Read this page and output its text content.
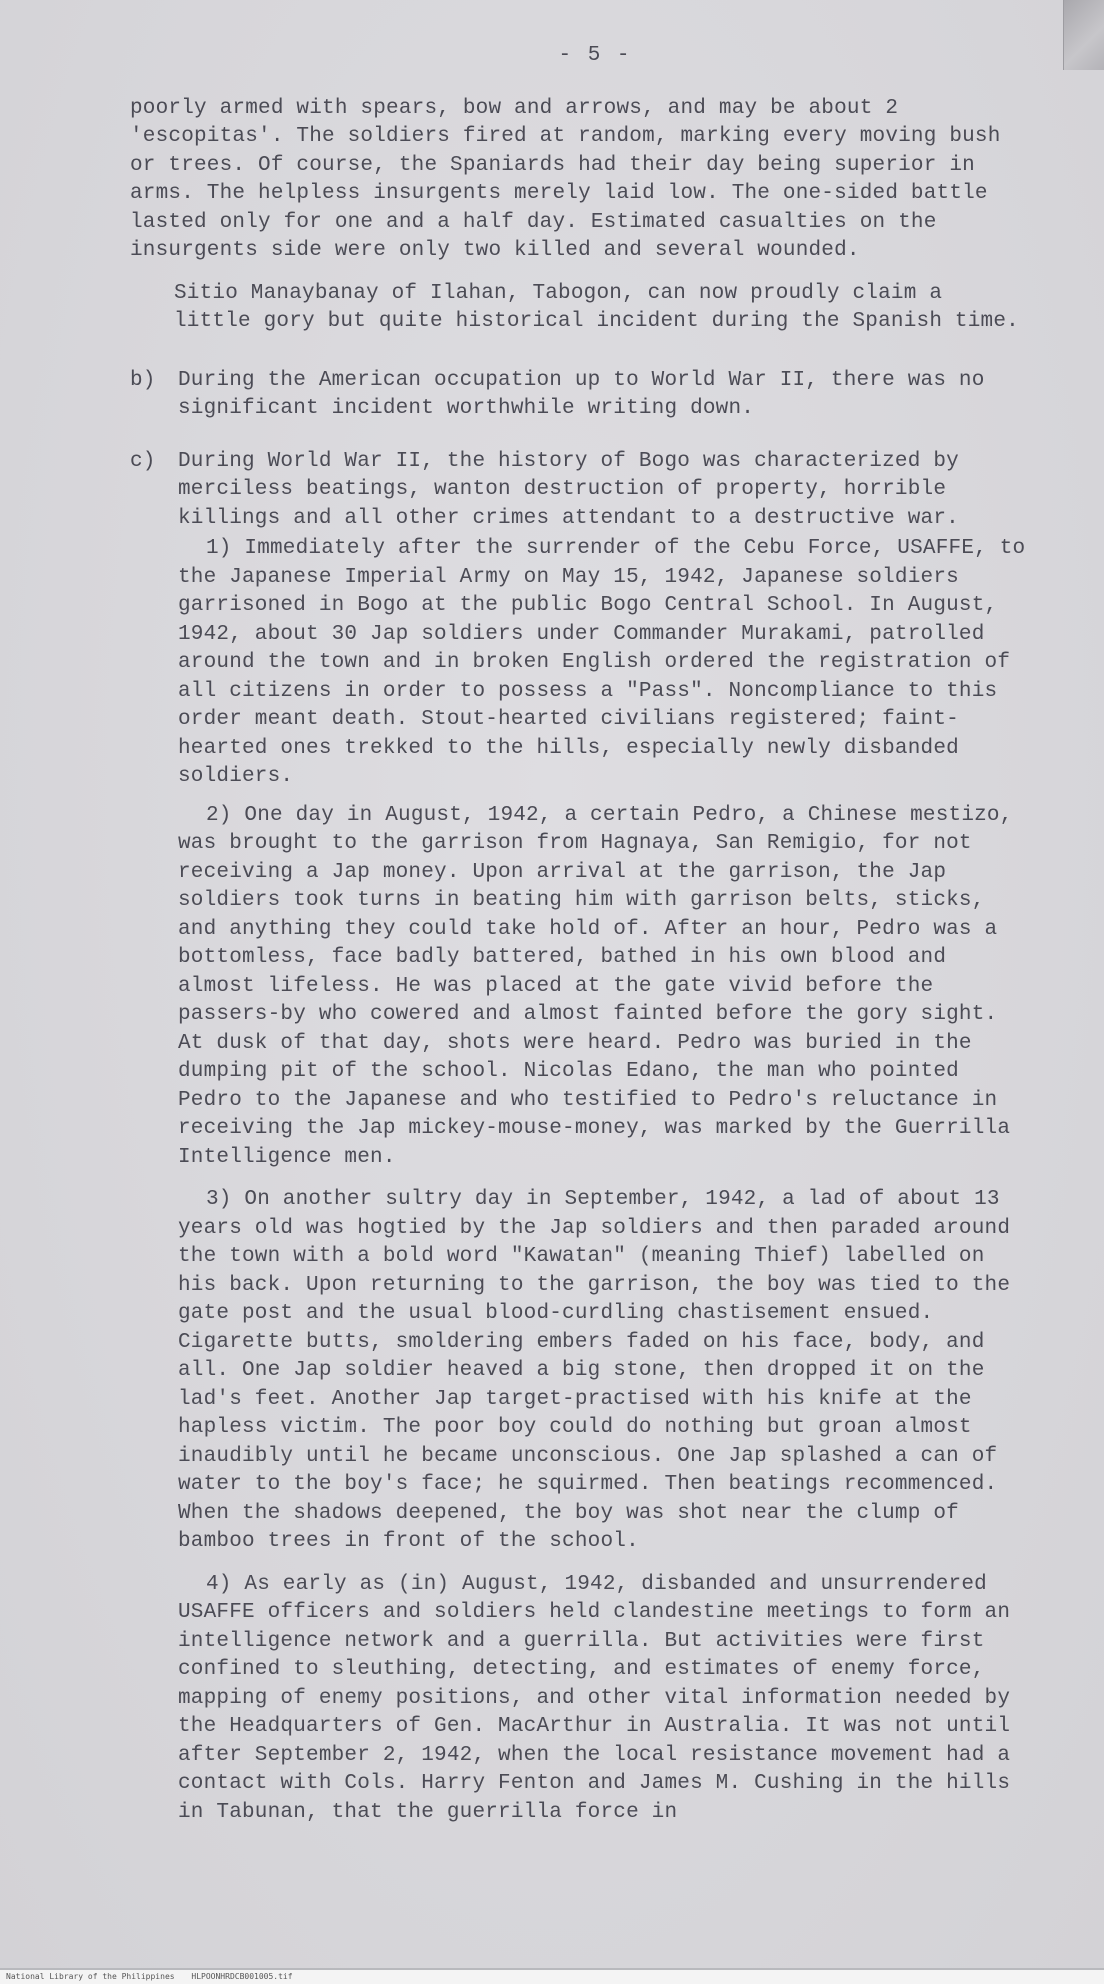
- 5 -

poorly armed with spears, bow and arrows, and may be about 2 'escopitas'. The soldiers fired at random, marking every moving bush or trees. Of course, the Spaniards had their day being superior in arms. The helpless insurgents merely laid low. The one-sided battle lasted only for one and a half day. Estimated casualties on the insurgents side were only two killed and several wounded.

Sitio Manaybanay of Ilahan, Tabogon, can now proudly claim a little gory but quite historical incident during the Spanish time.

b)	During the American occupation up to World War II, there was no significant incident worthwhile writing down.

c)	During World War II, the history of Bogo was characterized by merciless beatings, wanton destruction of property, horrible killings and all other crimes attendant to a destructive war.

1) Immediately after the surrender of the Cebu Force, USAFFE, to the Japanese Imperial Army on May 15, 1942, Japanese soldiers garrisoned in Bogo at the public Bogo Central School. In August, 1942, about 30 Jap soldiers under Commander Murakami, patrolled around the town and in broken English ordered the registration of all citizens in order to possess a "Pass". Noncompliance to this order meant death. Stout-hearted civilians registered; faint-hearted ones trekked to the hills, especially newly disbanded soldiers.

2) One day in August, 1942, a certain Pedro, a Chinese mestizo, was brought to the garrison from Hagnaya, San Remigio, for not receiving a Jap money. Upon arrival at the garrison, the Jap soldiers took turns in beating him with garrison belts, sticks, and anything they could take hold of. After an hour, Pedro was a bottomless, face badly battered, bathed in his own blood and almost lifeless. He was placed at the gate vivid before the passers-by who cowered and almost fainted before the gory sight. At dusk of that day, shots were heard. Pedro was buried in the dumping pit of the school. Nicolas Edano, the man who pointed Pedro to the Japanese and who testified to Pedro's reluctance in receiving the Jap mickey-mouse-money, was marked by the Guerrilla Intelligence men.

3) On another sultry day in September, 1942, a lad of about 13 years old was hogtied by the Jap soldiers and then paraded around the town with a bold word "Kawatan" (meaning Thief) labelled on his back. Upon returning to the garrison, the boy was tied to the gate post and the usual blood-curdling chastisement ensued. Cigarette butts, smoldering embers faded on his face, body, and all. One Jap soldier heaved a big stone, then dropped it on the lad's feet. Another Jap target-practised with his knife at the hapless victim. The poor boy could do nothing but groan almost inaudibly until he became unconscious. One Jap splashed a can of water to the boy's face; he squirmed. Then beatings recommenced. When the shadows deepened, the boy was shot near the clump of bamboo trees in front of the school.

4) As early as (in) August, 1942, disbanded and unsurrendered USAFFE officers and soldiers held clandestine meetings to form an intelligence network and a guerrilla. But activities were first confined to sleuthing, detecting, and estimates of enemy force, mapping of enemy positions, and other vital information needed by the Headquarters of Gen. MacArthur in Australia. It was not until after September 2, 1942, when the local resistance movement had a contact with Cols. Harry Fenton and James M. Cushing in the hills in Tabunan, that the guerrilla force in

National Library of the Philippines HLPOONHRDCB001005.tif
